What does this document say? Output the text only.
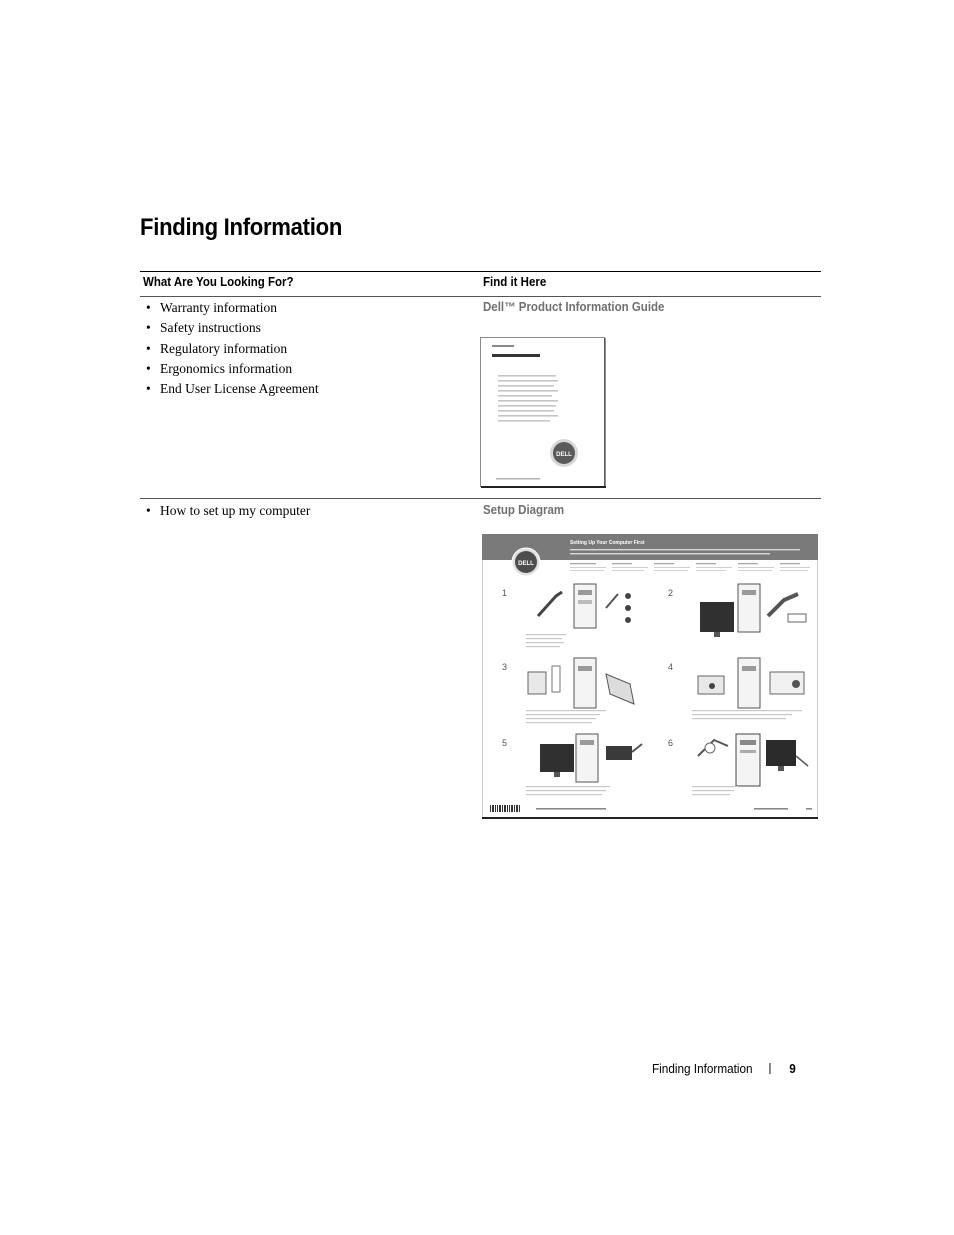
Finding Information
What Are You Looking For?	Find it Here
• Warranty information
• Safety instructions
• Regulatory information
• Ergonomics information
• End User License Agreement
Dell™ Product Information Guide
DELL
• How to set up my computer	Setup Diagram
Setting Up Your Computer First
DELL
1	2
3	4
5	6
Finding Information	9
